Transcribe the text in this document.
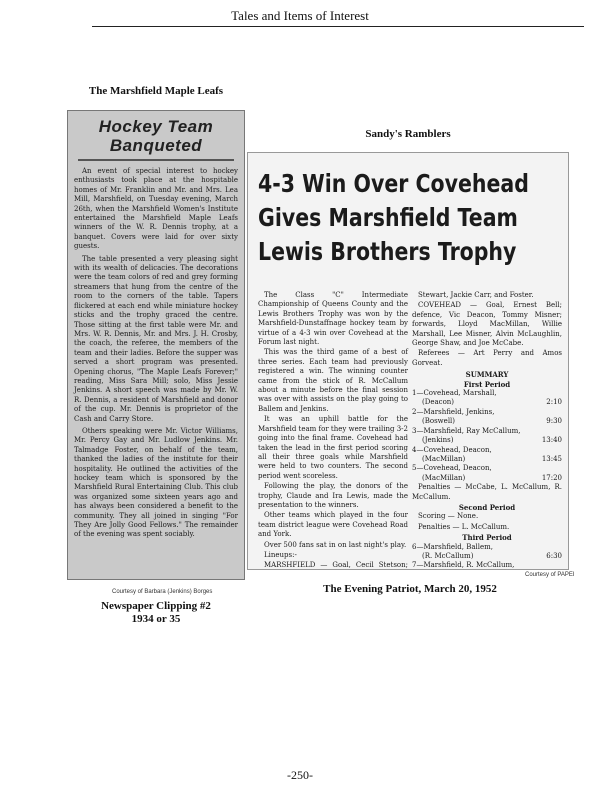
Tales and Items of Interest
The Marshfield Maple Leafs
Hockey Team Banqueted

An event of special interest to hockey enthusiasts took place at the hospitable homes of Mr. Franklin and Mr. and Mrs. Lea Mill, Marshfield, on Tuesday evening, March 26th, when the Marshfield Women's Institute entertained the Marshfield Maple Leafs winners of the W. R. Dennis trophy, at a banquet. Covers were laid for over sixty guests.

The table presented a very pleasing sight with its wealth of delicacies. The decorations were the team colors of red and grey forming streamers that hung from the centre of the room to the corners of the table. Tapers flickered at each end while miniature hockey sticks and the trophy graced the centre. Those sitting at the first table were Mr. and Mrs. W. R. Dennis, Mr. and Mrs. J. H. Crosby, the coach, the referee, the members of the team and their ladies. Before the supper was served a short program was presented. Opening chorus, "The Maple Leafs Forever;" reading, Miss Sara Mill; solo, Miss Jessie Jenkins. A short speech was made by Mr. W. R. Dennis, a resident of Marshfield and donor of the cup. Mr. Dennis is proprietor of the Cash and Carry Store.

Others speaking were Mr. Victor Williams, Mr. Percy Gay and Mr. Ludlow Jenkins. Mr. Talmadge Foster, on behalf of the team, thanked the ladies of the institute for their hospitality. He outlined the activities of the hockey team which is sponsored by the Marshfield Rural Entertaining Club. This club was organized some sixteen years ago and has always been considered a benefit to the community. They all joined in singing "For They Are Jolly Good Fellows." The remainder of the evening was spent sociably.

Courtesy of Barbara (Jenkins) Borges
Newspaper Clipping #2
1934 or 35
Sandy's Ramblers
4-3 Win Over Covehead
Gives Marshfield Team
Lewis Brothers Trophy

The Class "C" Intermediate Championship of Queens County and the Lewis Brothers Trophy was won by the Marshfield-Dunstaffnage hockey team by virtue of a 4-3 win over Covehead at the Forum last night.

This was the third game of a best of three series. Each team had previously registered a win. The winning counter came from the stick of R. McCallum about a minute before the final session was over with assists on the play going to Ballem and Jenkins.

It was an uphill battle for the Marshfield team for they were trailing 3-2 going into the final frame. Covehead had taken the lead in the first period scoring all their three goals while Marshfield were held to two counters. The second period went scoreless.

Following the play, the donors of the trophy, Claude and Ira Lewis, made the presentation to the winners.

Other teams which played in the four team district league were Covehead Road and York.

Over 500 fans sat in on last night's play.

Lineups:-

MARSHFIELD — Goal, Cecil Stetson;

Stewart, Jackie Carr, and Foster.

COVEHEAD — Goal, Ernest Bell; defence, Vic Deacon, Tommy Misner; forwards, Lloyd MacMillan, Willie Marshall, Lee Misner, Alvin McLaughlin, George Shaw, and Joe McCabe.

Referees — Art Perry and Amos Gorveat.

SUMMARY
First Period
1—Covehead, Marshall,
(Deacon)	2:10
2—Marshfield, Jenkins,
(Boswell)	9:30
3—Marshfield, Ray McCallum,
(Jenkins)	13:40
4—Covehead, Deacon,
(MacMillan)	13:45
5—Covehead, Deacon,
(MacMillan)	17:20

Penalties — McCabe, L. McCallum, R. McCallum.

Second Period

Scoring — None.

Penalties — L. McCallum.

Third Period
6—Marshfield, Ballem,
(R. McCallum)	6:30
7—Marshfield, R. McCallum,

Courtesy of PAPEI
The Evening Patriot, March 20, 1952
-250-
